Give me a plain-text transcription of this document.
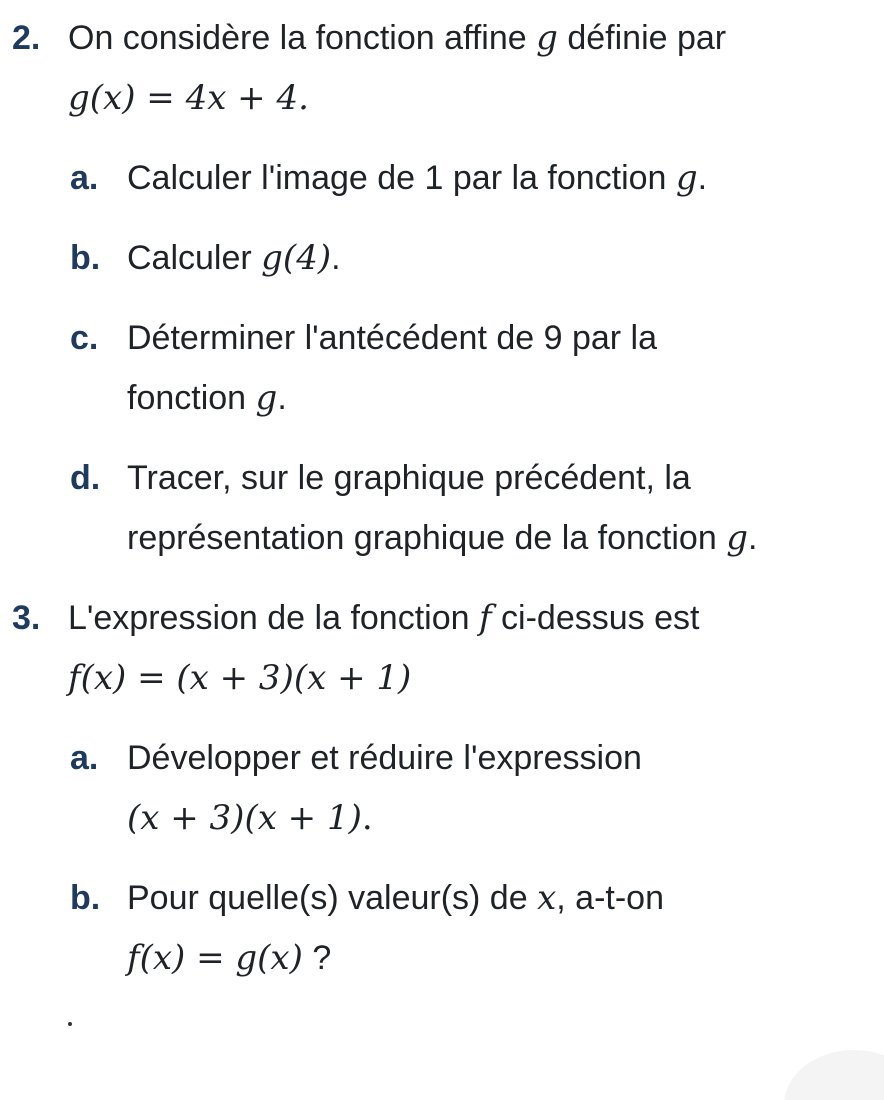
2. On considère la fonction affine g définie par
g(x) = 4x + 4.
a. Calculer l'image de 1 par la fonction g.
b. Calculer g(4).
c. Déterminer l'antécédent de 9 par la
fonction g.
d. Tracer, sur le graphique précédent, la
représentation graphique de la fonction g.
3. L'expression de la fonction f ci-dessus est
f(x) = (x + 3)(x + 1)
a. Développer et réduire l'expression
(x + 3)(x + 1).
b. Pour quelle(s) valeur(s) de x, a-t-on
f(x) = g(x) ?
